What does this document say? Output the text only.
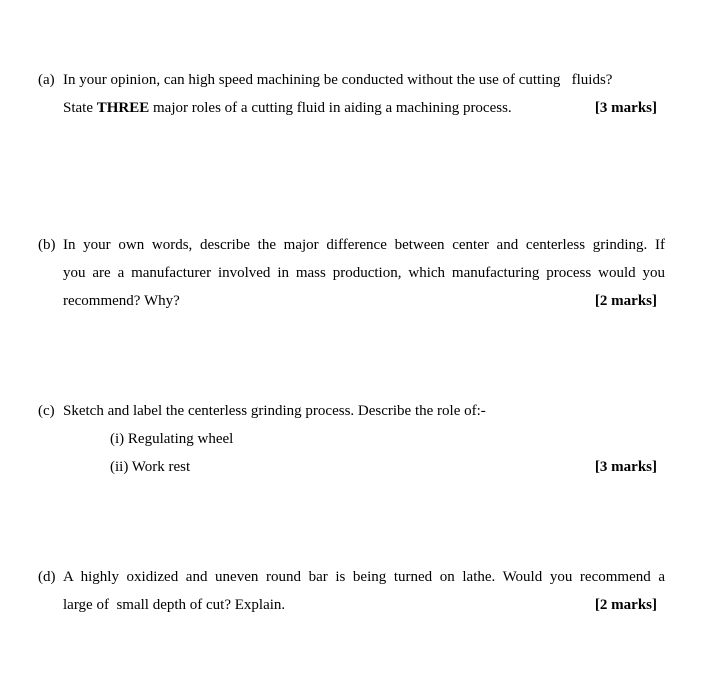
(a) In your opinion, can high speed machining be conducted without the use of cutting   fluids?
State THREE major roles of a cutting fluid in aiding a machining process.	[3 marks]
(b) In your own words, describe the major difference between center and centerless grinding. If
you are a manufacturer involved in mass production, which manufacturing process would you
recommend? Why?	[2 marks]
(c) Sketch and label the centerless grinding process. Describe the role of:-
(i) Regulating wheel
(ii) Work rest	[3 marks]
(d) A highly oxidized and uneven round bar is being turned on lathe. Would you recommend a
large of  small depth of cut? Explain.	[2 marks]
